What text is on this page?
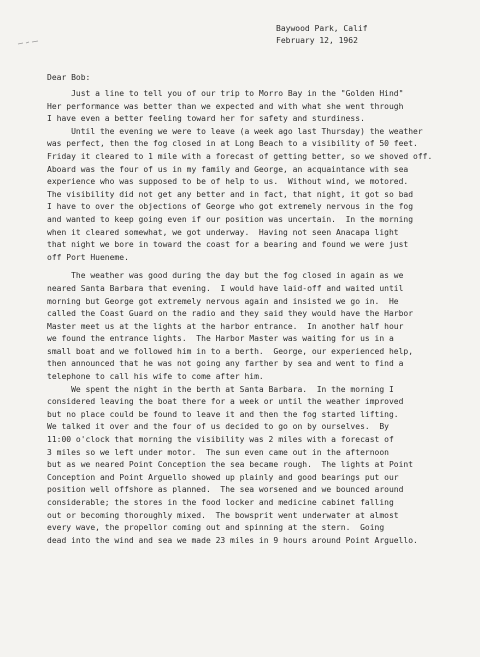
Baywood Park, Calif
February 12, 1962
Dear Bob:
Just a line to tell you of our trip to Morro Bay in the "Golden Hind"
Her performance was better than we expected and with what she went through
I have even a better feeling toward her for safety and sturdiness.
Until the evening we were to leave (a week ago last Thursday) the weather
was perfect, then the fog closed in at Long Beach to a visibility of 50 feet.
Friday it cleared to 1 mile with a forecast of getting better, so we shoved off.
Aboard was the four of us in my family and George, an acquaintance with sea
experience who was supposed to be of help to us.  Without wind, we motored.
The visibility did not get any better and in fact, that night, it got so bad
I have to over the objections of George who got extremely nervous in the fog
and wanted to keep going even if our position was uncertain.  In the morning
when it cleared somewhat, we got underway.  Having not seen Anacapa light
that night we bore in toward the coast for a bearing and found we were just
off Port Hueneme.
The weather was good during the day but the fog closed in again as we
neared Santa Barbara that evening.  I would have laid-off and waited until
morning but George got extremely nervous again and insisted we go in.  He
called the Coast Guard on the radio and they said they would have the Harbor
Master meet us at the lights at the harbor entrance.  In another half hour
we found the entrance lights.  The Harbor Master was waiting for us in a
small boat and we followed him in to a berth.  George, our experienced help,
then announced that he was not going any farther by sea and went to find a
telephone to call his wife to come after him.
We spent the night in the berth at Santa Barbara.  In the morning I
considered leaving the boat there for a week or until the weather improved
but no place could be found to leave it and then the fog started lifting.
We talked it over and the four of us decided to go on by ourselves.  By
11:00 o'clock that morning the visibility was 2 miles with a forecast of
3 miles so we left under motor.  The sun even came out in the afternoon
but as we neared Point Conception the sea became rough.  The lights at Point
Conception and Point Arguello showed up plainly and good bearings put our
position well offshore as planned.  The sea worsened and we bounced around
considerable; the stores in the food locker and medicine cabinet falling
out or becoming thoroughly mixed.  The bowsprit went underwater at almost
every wave, the propellor coming out and spinning at the stern.  Going
dead into the wind and sea we made 23 miles in 9 hours around Point Arguello.
